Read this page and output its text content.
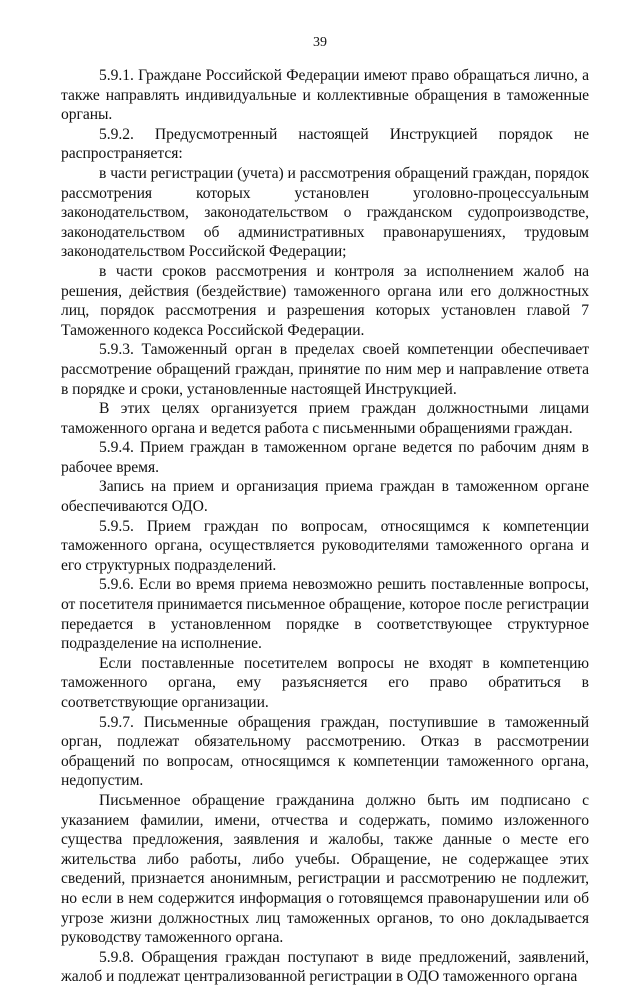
39

5.9.1. Граждане Российской Федерации имеют право обращаться лично, а также направлять индивидуальные и коллективные обращения в таможенные органы.

5.9.2. Предусмотренный настоящей Инструкцией порядок не распространяется:

в части регистрации (учета) и рассмотрения обращений граждан, порядок рассмотрения которых установлен уголовно-процессуальным законодательством, законодательством о гражданском судопроизводстве, законодательством об административных правонарушениях, трудовым законодательством Российской Федерации;

в части сроков рассмотрения и контроля за исполнением жалоб на решения, действия (бездействие) таможенного органа или его должностных лиц, порядок рассмотрения и разрешения которых установлен главой 7 Таможенного кодекса Российской Федерации.

5.9.3. Таможенный орган в пределах своей компетенции обеспечивает рассмотрение обращений граждан, принятие по ним мер и направление ответа в порядке и сроки, установленные настоящей Инструкцией.

В этих целях организуется прием граждан должностными лицами таможенного органа и ведется работа с письменными обращениями граждан.

5.9.4. Прием граждан в таможенном органе ведется по рабочим дням в рабочее время.

Запись на прием и организация приема граждан в таможенном органе обеспечиваются ОДО.

5.9.5. Прием граждан по вопросам, относящимся к компетенции таможенного органа, осуществляется руководителями таможенного органа и его структурных подразделений.

5.9.6. Если во время приема невозможно решить поставленные вопросы, от посетителя принимается письменное обращение, которое после регистрации передается в установленном порядке в соответствующее структурное подразделение на исполнение.

Если поставленные посетителем вопросы не входят в компетенцию таможенного органа, ему разъясняется его право обратиться в соответствующие организации.

5.9.7. Письменные обращения граждан, поступившие в таможенный орган, подлежат обязательному рассмотрению. Отказ в рассмотрении обращений по вопросам, относящимся к компетенции таможенного органа, недопустим.

Письменное обращение гражданина должно быть им подписано с указанием фамилии, имени, отчества и содержать, помимо изложенного существа предложения, заявления и жалобы, также данные о месте его жительства либо работы, либо учебы. Обращение, не содержащее этих сведений, признается анонимным, регистрации и рассмотрению не подлежит, но если в нем содержится информация о готовящемся правонарушении или об угрозе жизни должностных лиц таможенных органов, то оно докладывается руководству таможенного органа.

5.9.8. Обращения граждан поступают в виде предложений, заявлений, жалоб и подлежат централизованной регистрации в ОДО таможенного органа
